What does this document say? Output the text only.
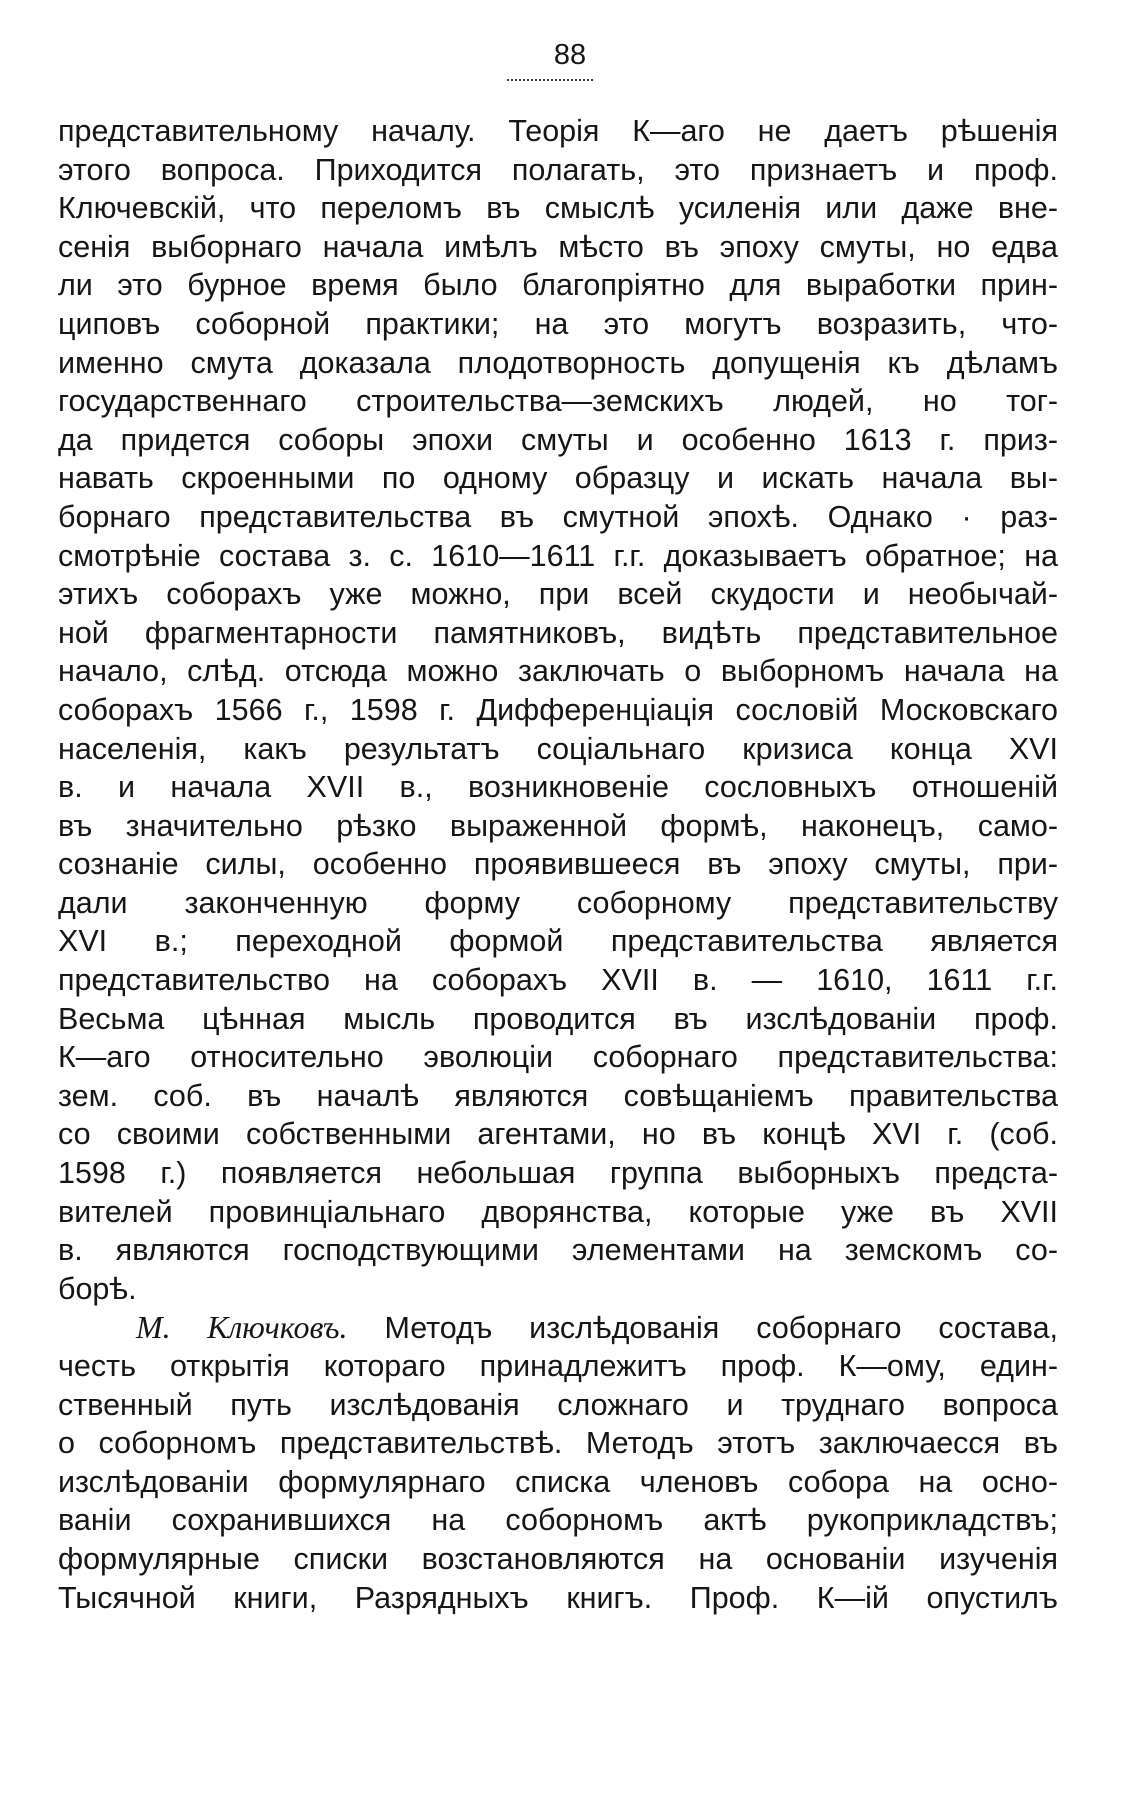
88
представительному началу. Теорія К—аго не даетъ рѣшенія
этого вопроса. Приходится полагать, это признаетъ и проф.
Ключевскій, что переломъ въ смыслѣ усиленія или даже вне-
сенія выборнаго начала имѣлъ мѣсто въ эпоху смуты, но едва
ли это бурное время было благопріятно для выработки прин-
циповъ соборной практики; на это могутъ возразить, что-
именно смута доказала плодотворность допущенія къ дѣламъ
государственнаго строительства—земскихъ людей, но тог-
да придется соборы эпохи смуты и особенно 1613 г. приз-
навать скроенными по одному образцу и искать начала вы-
борнаго представительства въ смутной эпохѣ. Однако · раз-
смотрѣніе состава з. с. 1610—1611 г.г. доказываетъ обратное; на
этихъ соборахъ уже можно, при всей скудости и необычай-
ной фрагментарности памятниковъ, видѣть представительное
начало, слѣд. отсюда можно заключать о выборномъ начала на
соборахъ 1566 г., 1598 г. Дифференціація сословій Московскаго
населенія, какъ результатъ соціальнаго кризиса конца XVI
в. и начала XVII в., возникновеніе сословныхъ отношеній
въ значительно рѣзко выраженной формѣ, наконецъ, само-
сознаніе силы, особенно проявившееся въ эпоху смуты, при-
дали законченную форму соборному представительству
XVI в.; переходной формой представительства является
представительство на соборахъ XVII в. — 1610, 1611 г.г.
Весьма цѣнная мысль проводится въ изслѣдованіи проф.
К—аго относительно эволюціи соборнаго представительства:
зем. соб. въ началѣ являются совѣщаніемъ правительства
со своими собственными агентами, но въ концѣ XVI г. (соб.
1598 г.) появляется небольшая группа выборныхъ предста-
вителей провинціальнаго дворянства, которые уже въ XVII
в. являются господствующими элементами на земскомъ со-
борѣ.
М. Ключковъ. Методъ изслѣдованія соборнаго состава,
честь открытія котораго принадлежитъ проф. К—ому, един-
ственный путь изслѣдованія сложнаго и труднаго вопроса
о соборномъ представительствѣ. Методъ этотъ заключаесся въ
изслѣдованіи формулярнаго списка членовъ собора на осно-
ваніи сохранившихся на соборномъ актѣ рукоприкладствъ;
формулярные списки возстановляются на основаніи изученія
Тысячной книги, Разрядныхъ книгъ. Проф. К—ій опустилъ
